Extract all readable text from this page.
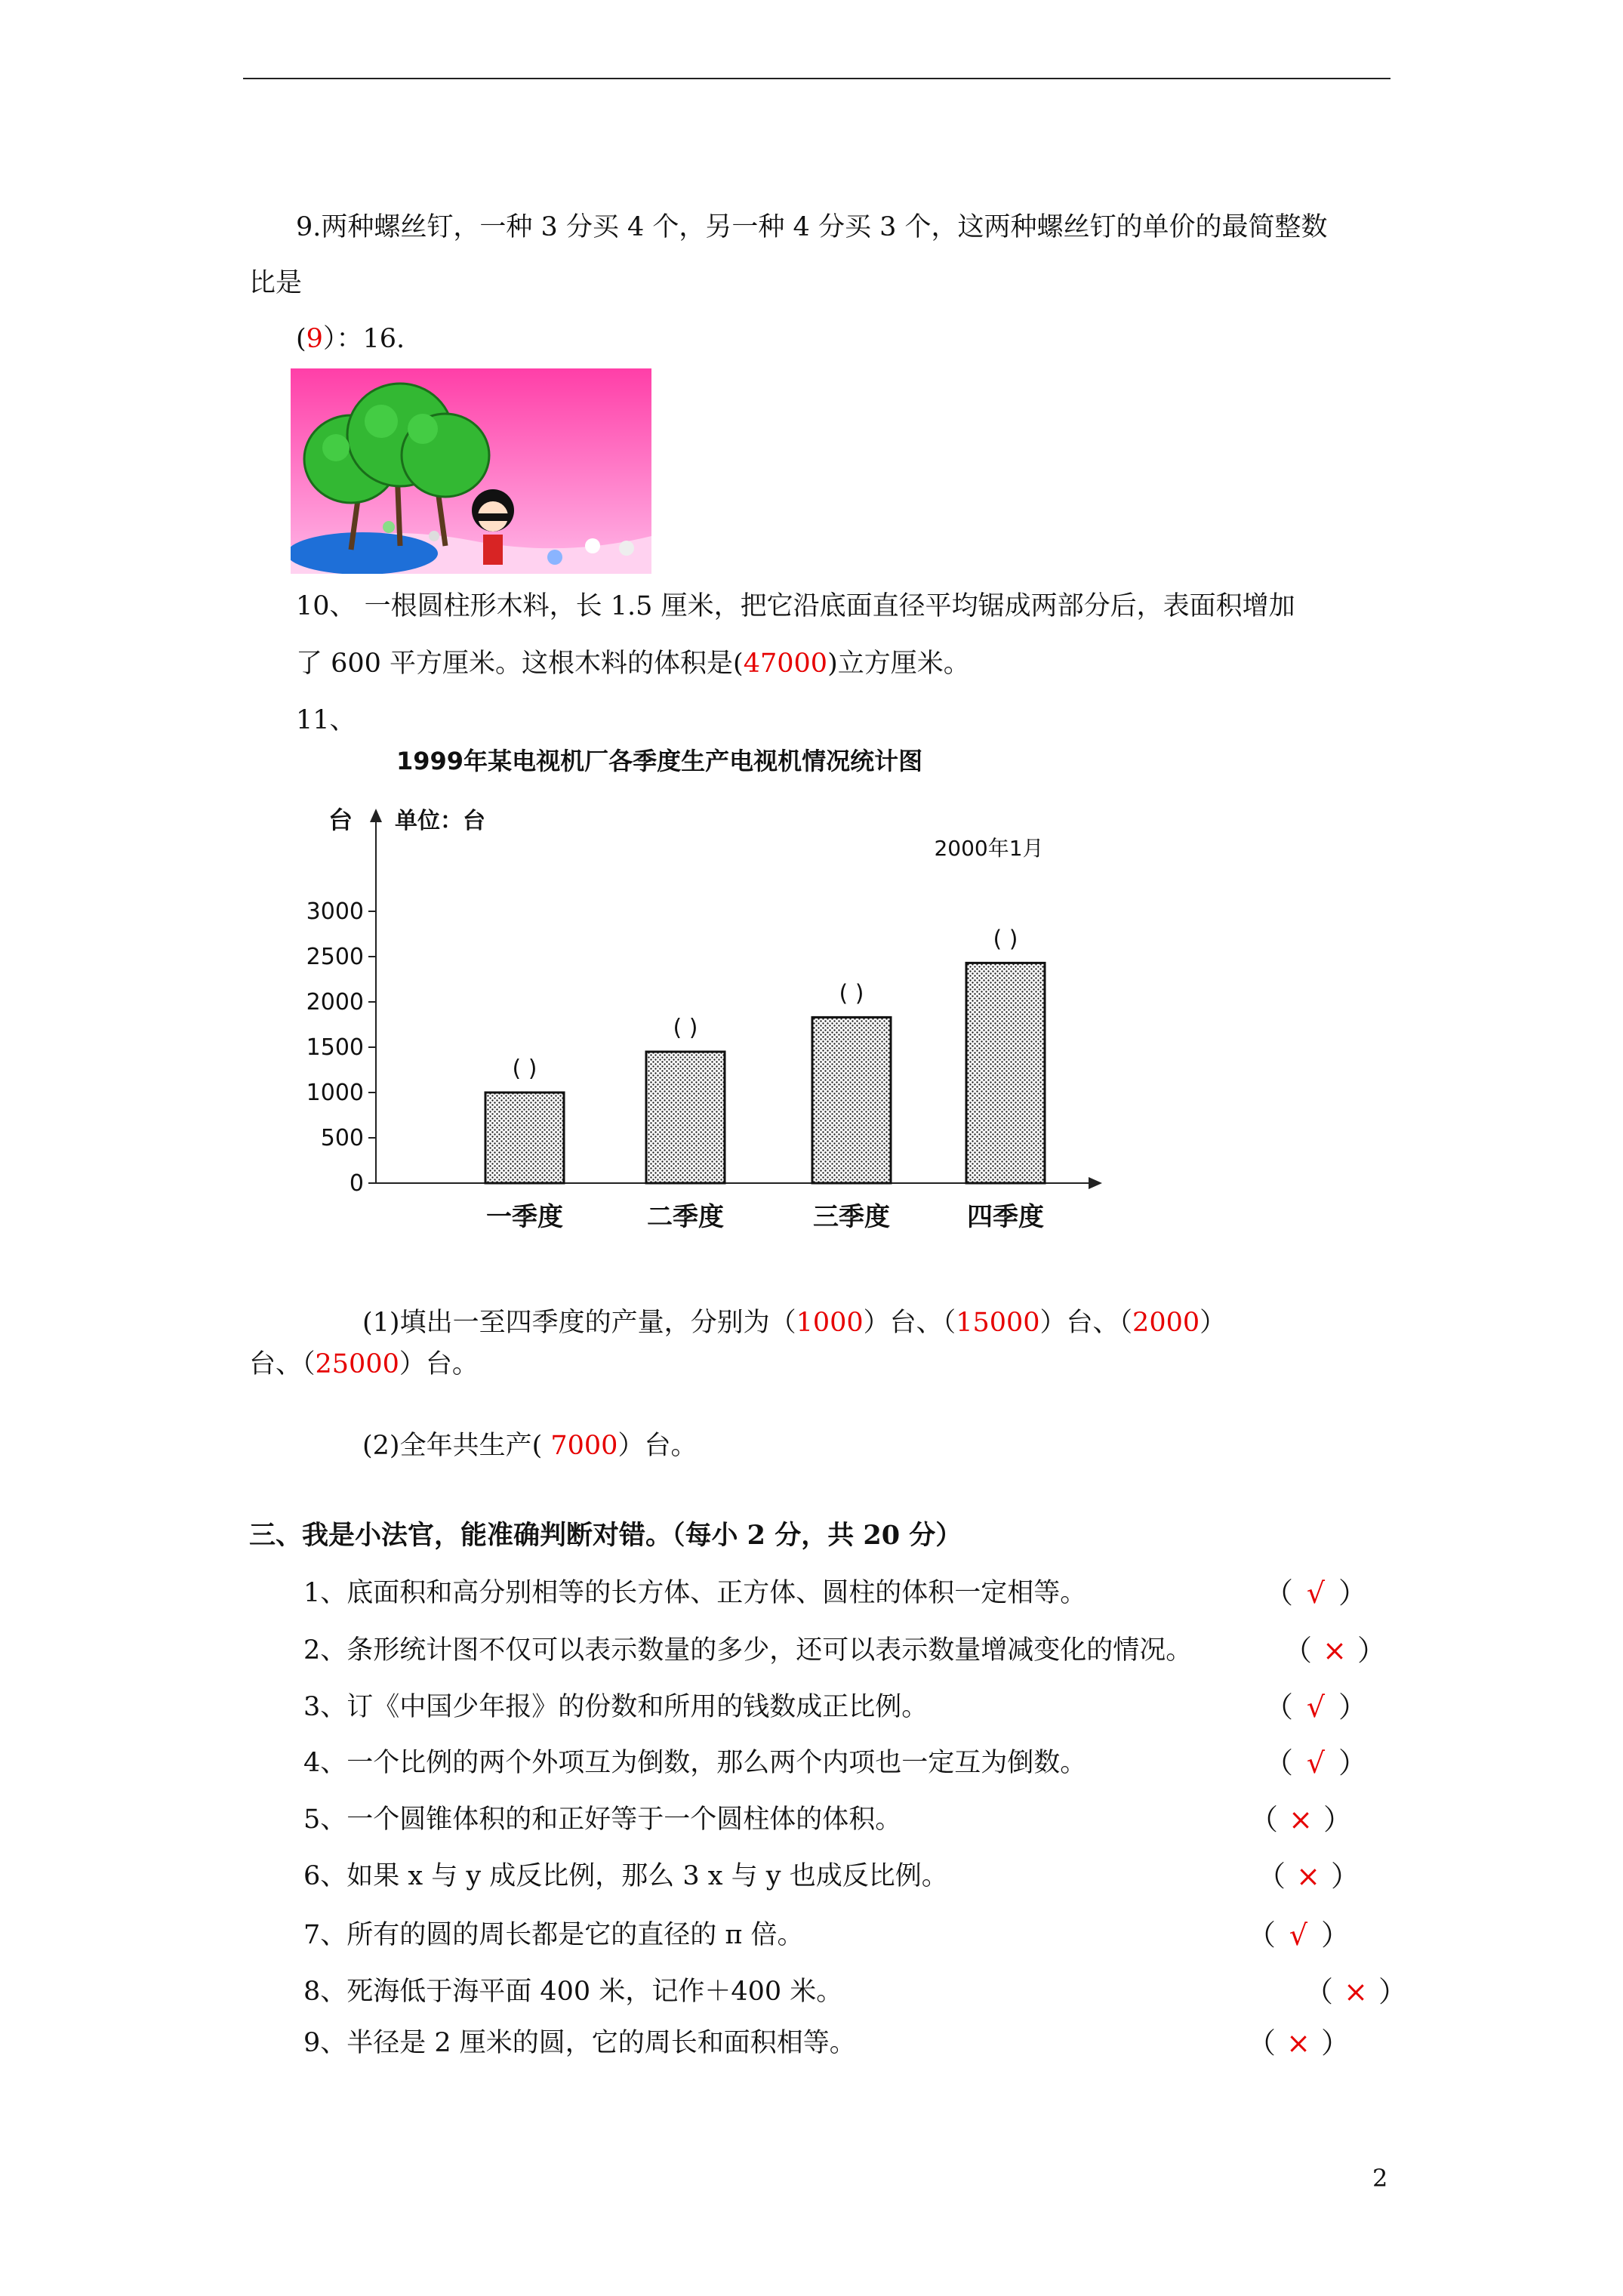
9.两种螺丝钉，一种 3 分买 4 个，另一种 4 分买 3 个，这两种螺丝钉的单价的最简整数
比是
(9）：16.
10、 一根圆柱形木料，长 1.5 厘米，把它沿底面直径平均锯成两部分后，表面积增加
了 600 平方厘米。这根木料的体积是(47000)立方厘米。
11、
1999年某电视机厂各季度生产电视机情况统计图
台 单位：台
2000年1月
0
500
1000
1500
2000
2500
3000
( )
一季度
( )
二季度
( )
三季度
( )
四季度
(1)填出一至四季度的产量，分别为（1000）台、（15000）台、（2000）
台、（25000）台。
(2)全年共生产( 7000）台。
三、我是小法官，能准确判断对错。（每小 2 分，共 20 分）
1、底面积和高分别相等的长方体、正方体、圆柱的体积一定相等。	（ √ ）
2、条形统计图不仅可以表示数量的多少，还可以表示数量增减变化的情况。	（ × ）
3、订《中国少年报》的份数和所用的钱数成正比例。	（ √ ）
4、一个比例的两个外项互为倒数，那么两个内项也一定互为倒数。	（ √ ）
5、一个圆锥体积的和正好等于一个圆柱体的体积。	（ × ）
6、如果 x 与 y 成反比例，那么 3 x 与 y 也成反比例。	（ × ）
7、所有的圆的周长都是它的直径的 π 倍。	（ √ ）
8、死海低于海平面 400 米，记作＋400 米。	（ × ）
9、半径是 2 厘米的圆，它的周长和面积相等。	（ × ）
2
